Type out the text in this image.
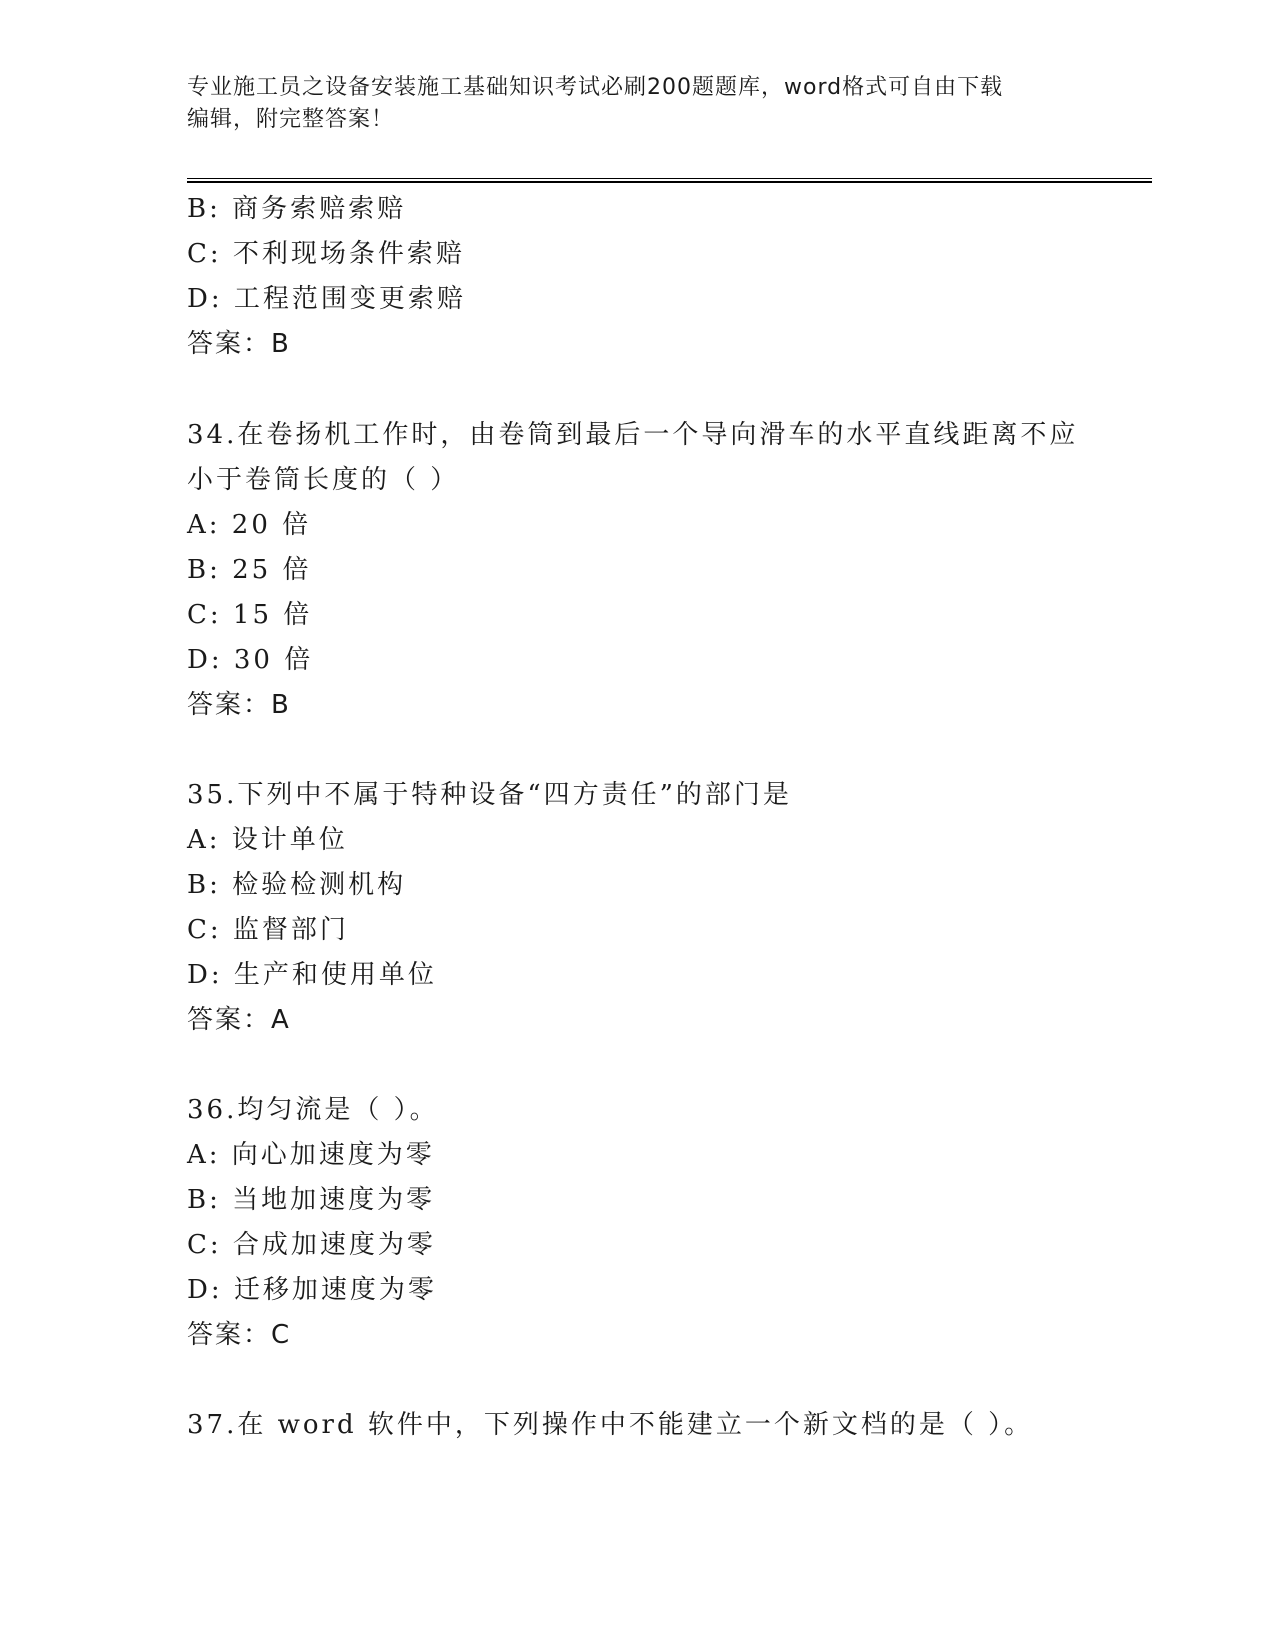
专业施工员之设备安装施工基础知识考试必刷200题题库，word格式可自由下载
编辑，附完整答案！
B: 商务索赔索赔
C: 不利现场条件索赔
D: 工程范围变更索赔
答案：B
34.在卷扬机工作时，由卷筒到最后一个导向滑车的水平直线距离不应
小于卷筒长度的（ ）
A: 20 倍
B: 25 倍
C: 15 倍
D: 30 倍
答案：B
35.下列中不属于特种设备“四方责任”的部门是
A: 设计单位
B: 检验检测机构
C: 监督部门
D: 生产和使用单位
答案：A
36.均匀流是（ ）。
A: 向心加速度为零
B: 当地加速度为零
C: 合成加速度为零
D: 迁移加速度为零
答案：C
37.在 word 软件中，下列操作中不能建立一个新文档的是（ ）。
